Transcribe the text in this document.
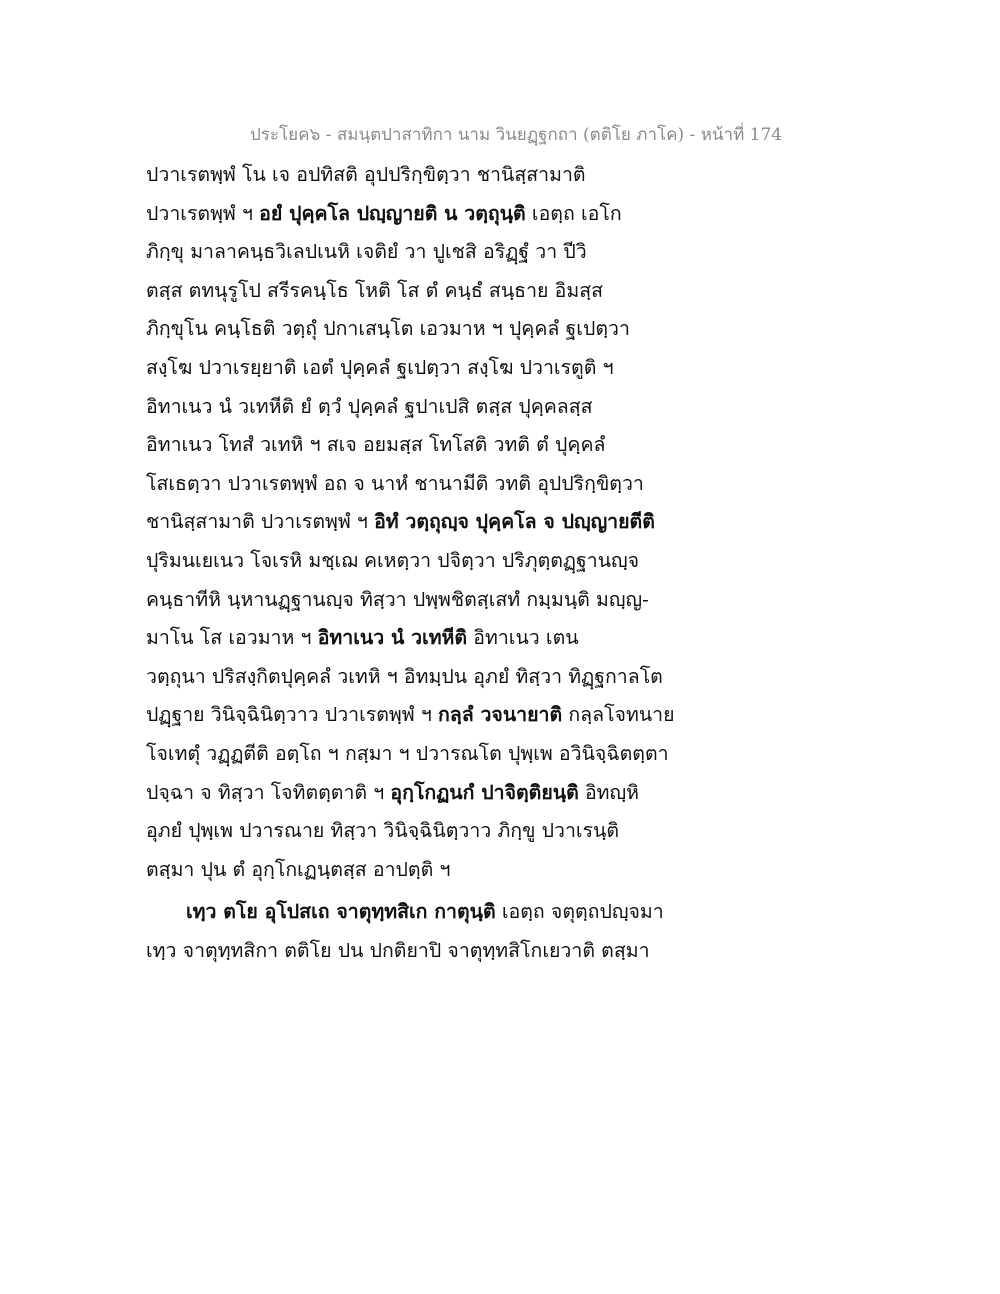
ประโยค๖ - สมนฺตปาสาทิกา นาม วินยฏฺฐกถา (ตติโย ภาโค) - หน้าที่ 174
ปวาเรตพฺพํ โน เจ อปทิสติ อุปปริกฺขิตฺวา ชานิสฺสามาติ
ปวาเรตพฺพํ ฯ อยํ ปุคฺคโล ปญฺญายติ น วตฺถุนฺติ เอตฺถ เอโก
ภิกฺขุ มาลาคนฺธวิเลปเนหิ เจติยํ วา ปูเชสิ อริฏฺฐํ วา ปีวิ
ตสฺส ตทนุรูโป สรีรคนฺโธ โหติ โส ตํ คนฺธํ สนฺธาย อิมสฺส
ภิกฺขุโน คนฺโธติ วตฺถุํ ปกาเสนฺโต เอวมาห ฯ ปุคฺคลํ ฐเปตฺวา
สงฺโฆ ปวาเรยฺยาติ เอตํ ปุคฺคลํ ฐเปตฺวา สงฺโฆ ปวาเรตูติ ฯ
อิทาเนว นํ วเทหีติ ยํ ตฺวํ ปุคฺคลํ ฐปาเปสิ ตสฺส ปุคฺคลสฺส
อิทาเนว โทสํ วเทหิ ฯ สเจ อยมสฺส โทโสติ วทติ ตํ ปุคฺคลํ
โสเธตฺวา ปวาเรตพฺพํ อถ จ นาหํ ชานามีติ วทติ อุปปริกฺขิตฺวา
ชานิสฺสามาติ ปวาเรตพฺพํ ฯ อิทํ วตฺถุญฺจ ปุคฺคโล จ ปญฺญายตีติ
ปุริมนเยเนว โจเรหิ มชฺเฌ คเหตฺวา ปจิตฺวา ปริภุตฺตฏฺฐานญฺจ
คนฺธาทีหิ นฺหานฏฺฐานญฺจ ทิสฺวา ปพฺพชิตสฺเสทํ กมฺมนฺติ มญฺญ-
มาโน โส เอวมาห ฯ อิทาเนว นํ วเทหีติ อิทาเนว เตน
วตฺถุนา ปริสงฺกิตปุคฺคลํ วเทหิ ฯ อิทมฺปน อุภยํ ทิสฺวา ทิฏฺฐกาลโต
ปฏฺฐาย วินิจฺฉินิตฺวาว ปวาเรตพฺพํ ฯ กลฺลํ วจนายาติ กลฺลโจทนาย
โจเทตุํ วฏฺฏตีติ อตฺโถ ฯ กสฺมา ฯ ปวารณโต ปุพฺเพ อวินิจฺฉิตตฺตา
ปจฺฉา จ ทิสฺวา โจทิตตฺตาติ ฯ อุกฺโกฏนกํ ปาจิตฺติยนฺติ อิทญฺหิ
อุภยํ ปุพฺเพ ปวารณาย ทิสฺวา วินิจฺฉินิตฺวาว ภิกฺขู ปวาเรนฺติ
ตสฺมา ปุน ตํ อุกฺโกเฏนฺตสฺส อาปตฺติ ฯ
เทฺว ตโย อุโปสเถ จาตุทฺทสิเก กาตุนฺติ เอตฺถ จตุตฺถปญฺจมา
เทฺว จาตุทฺทสิกา ตติโย ปน ปกติยาปิ จาตุทฺทสิโกเยวาติ ตสฺมา
